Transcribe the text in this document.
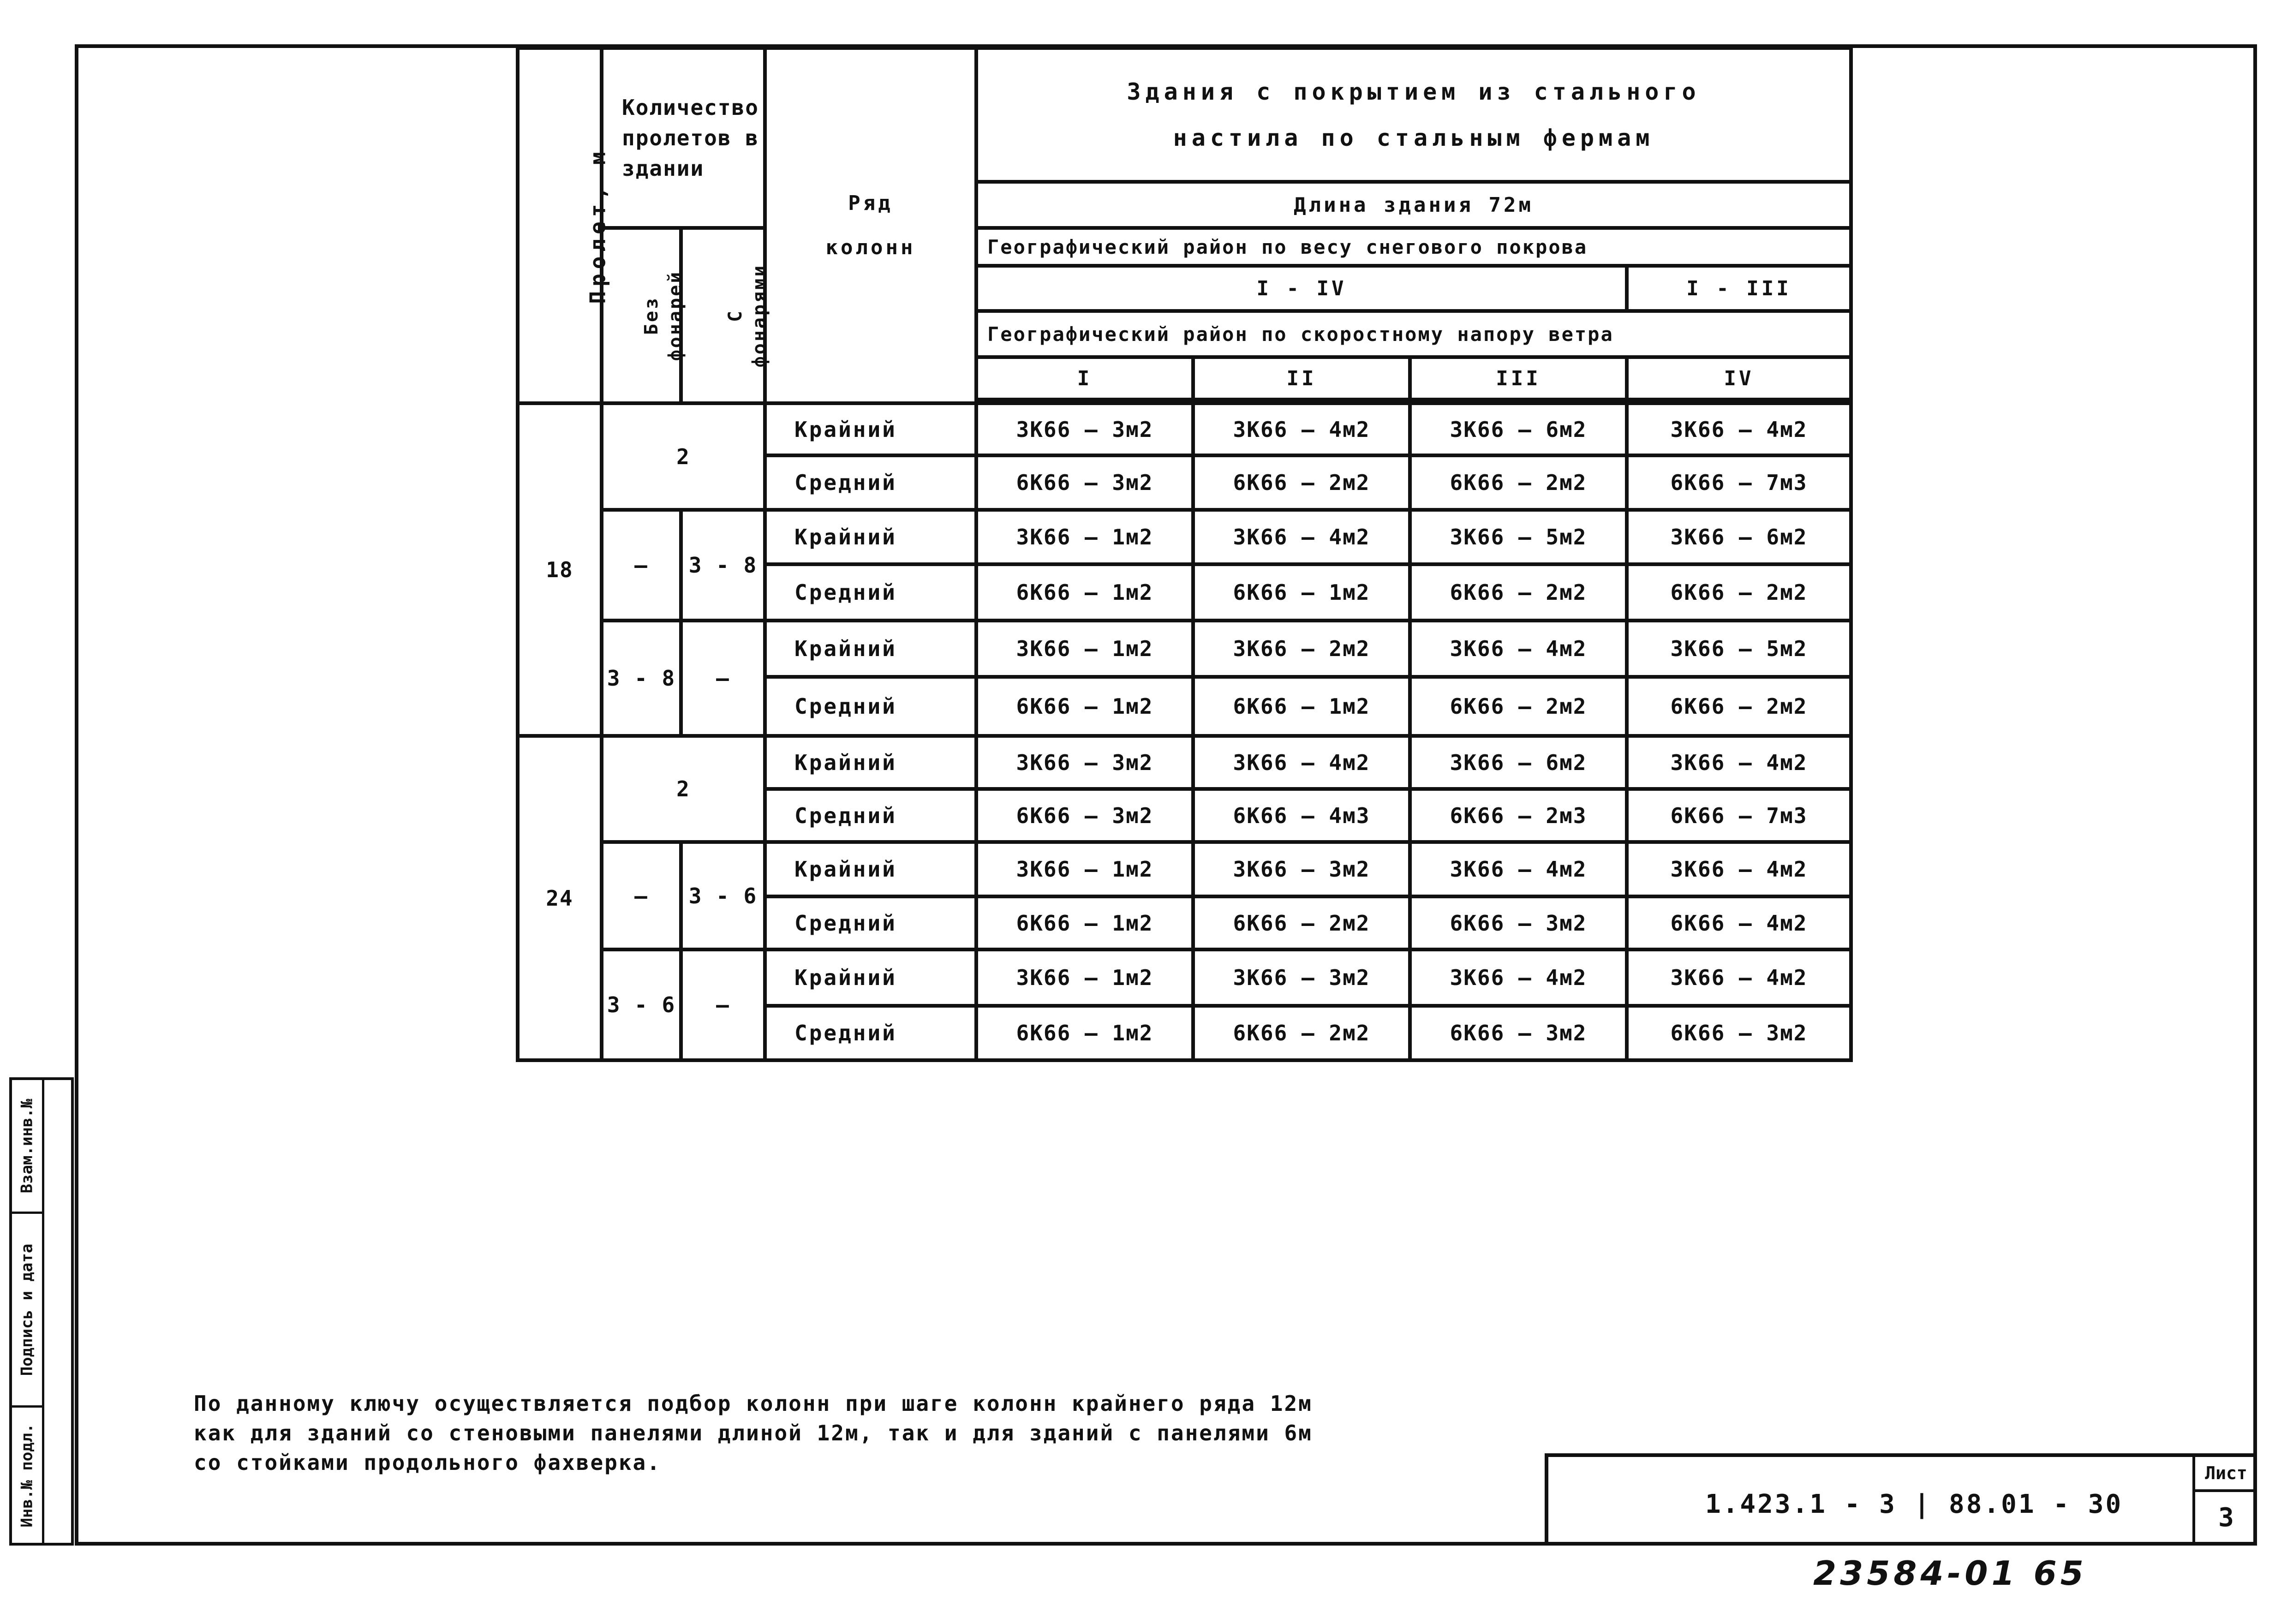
Взам.инв.№
Подпись и дата
Инв.№ подл.
Пролет, м	Количество пролетов в здании		Ряд колонн	Здания с покрытием из стального
настила по стальным фермам			

				Длина здания 72м			
	Без фонарей	С фонарями		Географический район по весу снегового покрова			
				I - IV			I - III
				Географический район по скоростному напору ветра			
				I	II	III	IV

18	2		Крайний	3К66 — 3м2	3К66 — 4м2	3К66 — 6м2	3К66 — 4м2
			Средний	6К66 — 3м2	6К66 — 2м2	6К66 — 2м2	6К66 — 7м3
	—	3 - 8	Крайний	3К66 — 1м2	3К66 — 4м2	3К66 — 5м2	3К66 — 6м2
			Средний	6К66 — 1м2	6К66 — 1м2	6К66 — 2м2	6К66 — 2м2
	3 - 8	—	Крайний	3К66 — 1м2	3К66 — 2м2	3К66 — 4м2	3К66 — 5м2
			Средний	6К66 — 1м2	6К66 — 1м2	6К66 — 2м2	6К66 — 2м2
24	2		Крайний	3К66 — 3м2	3К66 — 4м2	3К66 — 6м2	3К66 — 4м2
			Средний	6К66 — 3м2	6К66 — 4м3	6К66 — 2м3	6К66 — 7м3
	—	3 - 6	Крайний	3К66 — 1м2	3К66 — 3м2	3К66 — 4м2	3К66 — 4м2
			Средний	6К66 — 1м2	6К66 — 2м2	6К66 — 3м2	6К66 — 4м2
	3 - 6	—	Крайний	3К66 — 1м2	3К66 — 3м2	3К66 — 4м2	3К66 — 4м2
			Средний	6К66 — 1м2	6К66 — 2м2	6К66 — 3м2	6К66 — 3м2
По данному ключу осуществляется подбор колонн при шаге колонн крайнего ряда 12м
как для зданий со стеновыми панелями длиной 12м, так и для зданий с панелями 6м
со стойками продольного фахверка.
1.423.1 - 3 | 88.01 - 30
Лист
3
23584-01 65
